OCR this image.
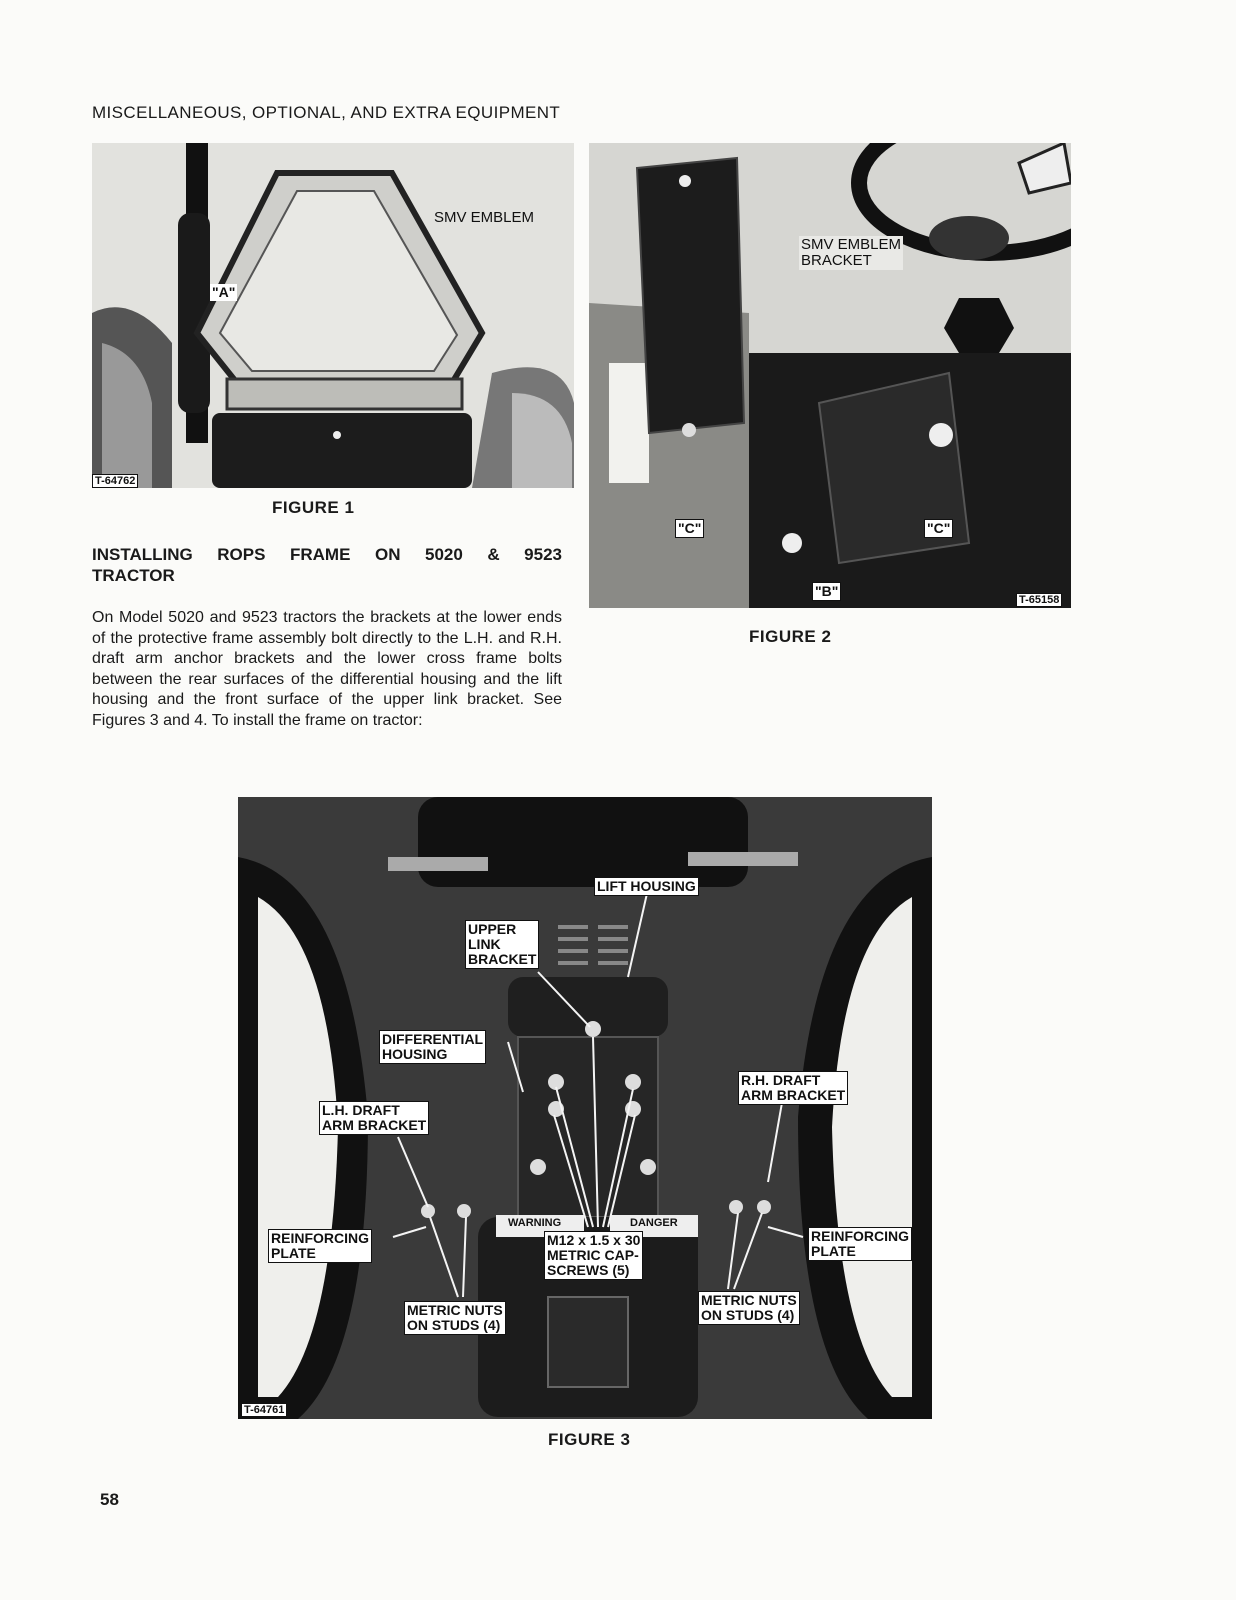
MISCELLANEOUS, OPTIONAL, AND EXTRA EQUIPMENT
SMV EMBLEM
"A"
T-64762
FIGURE 1
SMV EMBLEM
BRACKET
"C"	"C"
"B"
T-65158
FIGURE 2
INSTALLING ROPS FRAME ON 5020 & 9523
TRACTOR
On Model 5020 and 9523 tractors the brackets at the lower ends of the protective frame assembly bolt directly to the L.H. and R.H. draft arm anchor brackets and the lower cross frame bolts between the rear surfaces of the differential housing and the lift housing and the front surface of the upper link bracket. See Figures 3 and 4. To install the frame on tractor:
LIFT HOUSING
UPPER
LINK
BRACKET
DIFFERENTIAL
HOUSING
L.H. DRAFT
ARM BRACKET
R.H. DRAFT
ARM BRACKET
REINFORCING
PLATE
REINFORCING
PLATE
M12 x 1.5 x 30
METRIC CAP-
SCREWS (5)
METRIC NUTS
ON STUDS (4)
METRIC NUTS
ON STUDS (4)
WARNING	DANGER
T-64761
FIGURE 3
58
